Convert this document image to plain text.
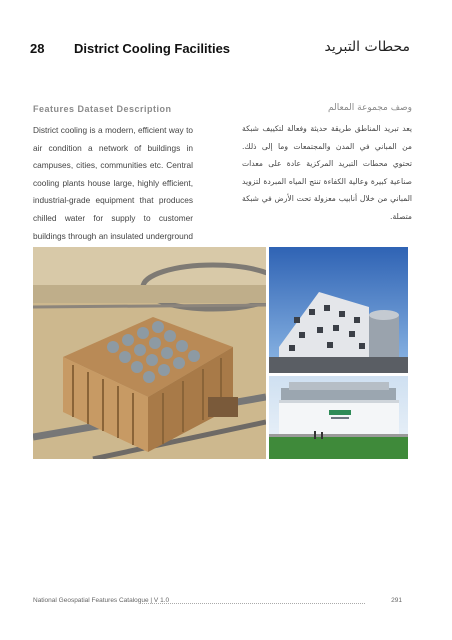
28 District Cooling Facilities	محطات التبريد
Features Dataset Description	وصف مجموعة المعالم
District cooling is a modern, efficient way to air condition a network of buildings in campuses, cities, communities etc. Central cooling plants house large, highly efficient, industrial-grade equipment that produces chilled water for supply to customer buildings through an insulated underground
يعد تبريد المناطق طريقة حديثة وفعالة لتكييف شبكة من المباني في المدن والمجتمعات وما إلى ذلك. تحتوي محطات التبريد المركزية عادة على معدات صناعية كبيرة وعالية الكفاءة تنتج المياه المبردة لتزويد المباني من خلال أنابيب معزولة تحت الأرض في شبكة متصلة.
National Geospatial Features Catalogue | V 1.0	291
